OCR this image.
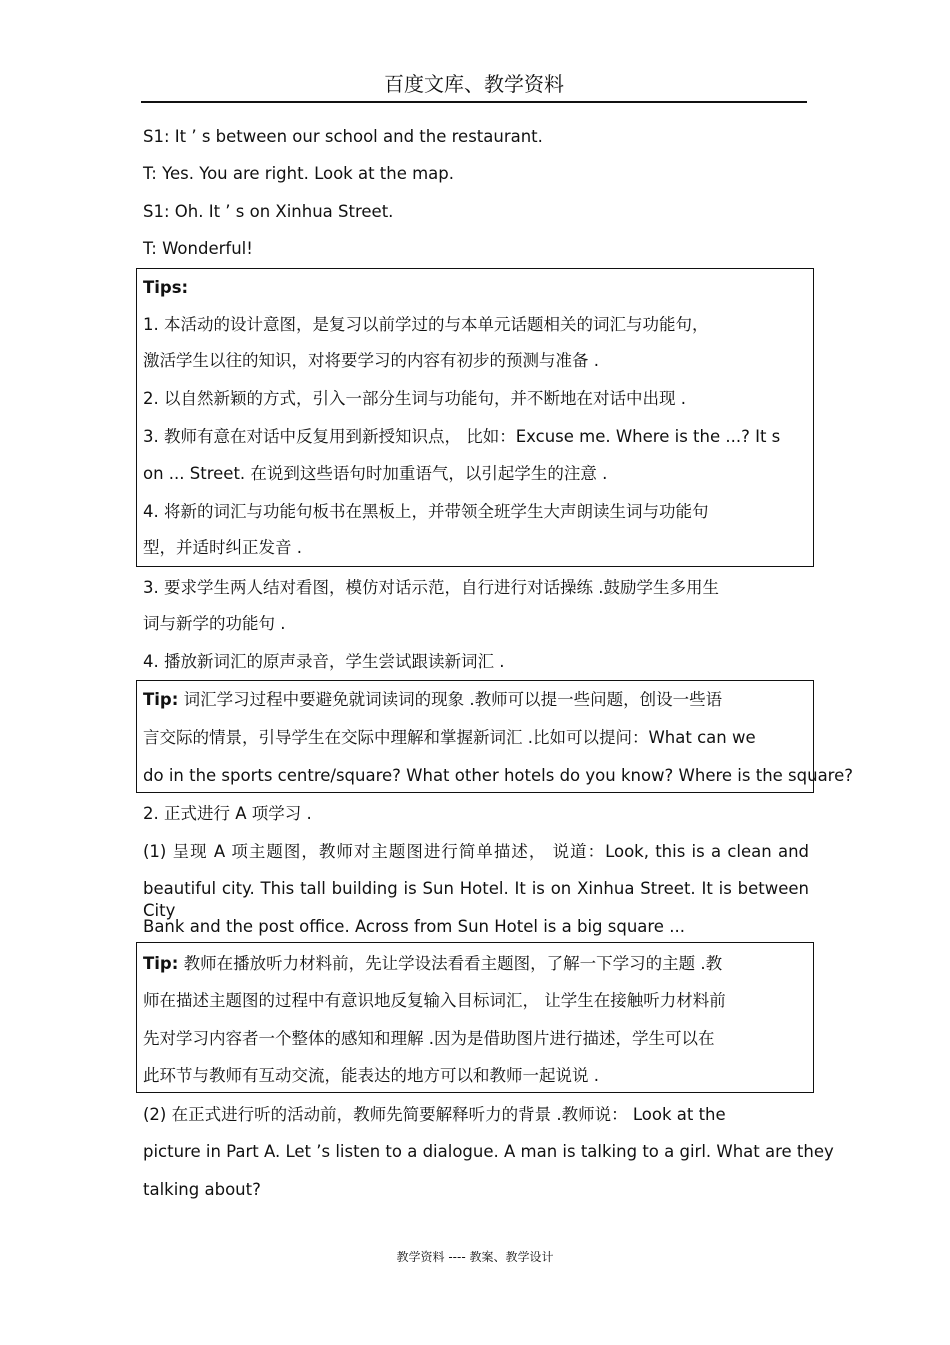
百度文库、教学资料
S1: It ’ s between our school and the restaurant.
T: Yes. You are right. Look at the map.
S1: Oh. It ’ s on Xinhua Street.
T: Wonderful!
Tips:
1. 本活动的设计意图，是复习以前学过的与本单元话题相关的词汇与功能句，
激活学生以往的知识，对将要学习的内容有初步的预测与准备 .
2. 以自然新颖的方式，引入一部分生词与功能句，并不断地在对话中出现 .
3. 教师有意在对话中反复用到新授知识点， 比如：Excuse me. Where is the ...? It s
on ... Street. 在说到这些语句时加重语气，以引起学生的注意 .
4. 将新的词汇与功能句板书在黑板上，并带领全班学生大声朗读生词与功能句
型，并适时纠正发音 .
3. 要求学生两人结对看图，模仿对话示范，自行进行对话操练 .鼓励学生多用生
词与新学的功能句 .
4. 播放新词汇的原声录音，学生尝试跟读新词汇 .
Tip: 词汇学习过程中要避免就词读词的现象 .教师可以提一些问题，创设一些语
言交际的情景，引导学生在交际中理解和掌握新词汇 .比如可以提问：What can we
do in the sports centre/square? What other hotels do you know? Where is the square?
2. 正式进行 A 项学习 .
(1) 呈现 A 项主题图，教师对主题图进行简单描述， 说道：Look, this is a clean and
beautiful city. This tall building is Sun Hotel. It is on Xinhua Street. It is between City
Bank and the post office. Across from Sun Hotel is a big square ...
Tip: 教师在播放听力材料前，先让学设法看看主题图，了解一下学习的主题 .教
师在描述主题图的过程中有意识地反复输入目标词汇， 让学生在接触听力材料前
先对学习内容者一个整体的感知和理解 .因为是借助图片进行描述，学生可以在
此环节与教师有互动交流，能表达的地方可以和教师一起说说 .
(2) 在正式进行听的活动前，教师先简要解释听力的背景 .教师说： Look at the
picture in Part A. Let ’s listen to a dialogue. A man is talking to a girl. What are they
talking about?
教学资料 ---- 教案、教学设计
